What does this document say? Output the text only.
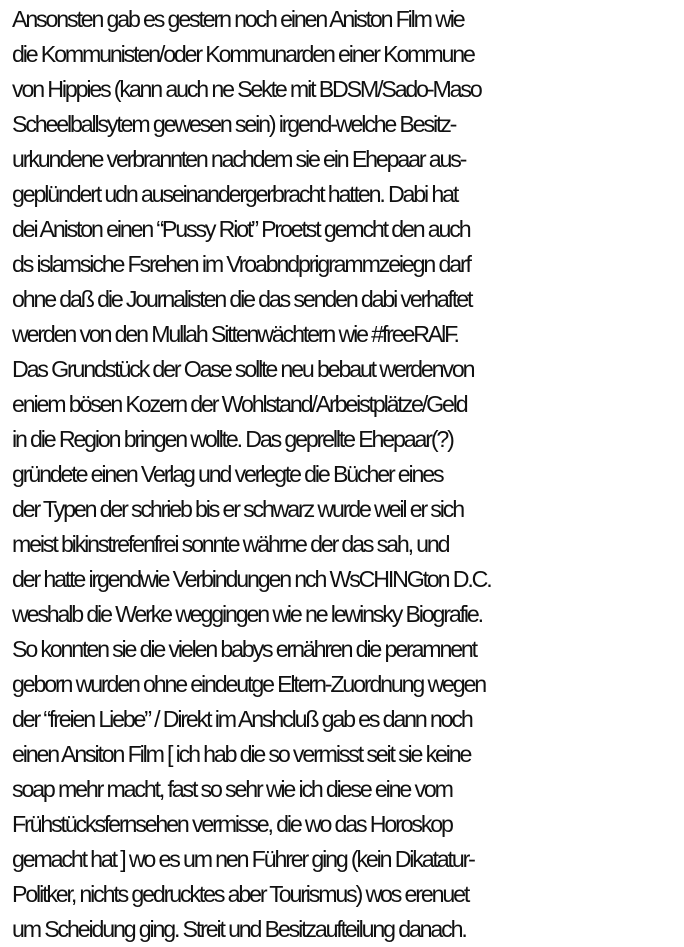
Ansonsten gab es gestern noch einen Aniston Film wie
die Kommunisten/oder Kommunarden einer Kommune
von Hippies (kann auch ne Sekte mit BDSM/Sado-Maso
Scheelballsytem gewesen sein) irgend-welche Besitz-
urkundene verbrannten nachdem sie ein Ehepaar aus-
geplündert udn auseinandergerbracht hatten. Dabi hat
dei Aniston einen “Pussy Riot” Proetst gemcht den auch
ds islamsiche Fsrehen im Vroabndprigrammzeiegn darf
ohne daß die Journalisten die das senden dabi verhaftet
werden von den Mullah Sittenwächtern wie #freeRAlF.
Das Grundstück der Oase sollte neu bebaut werdenvon
eniem bösen Kozern der Wohlstand/Arbeistplätze/Geld
in die Region bringen wollte. Das geprellte Ehepaar(?)
gründete einen Verlag und verlegte die Bücher eines
der Typen der schrieb bis er schwarz wurde weil er sich
meist bikinstrefenfrei sonnte währne der das sah, und
der hatte irgendwie Verbindungen nch WsCHINGton D.C.
weshalb die Werke weggingen wie ne lewinsky Biografie.
So konnten sie die vielen babys ernähren die peramnent
geborn wurden ohne eindeutge Eltern-Zuordnung wegen
der “freien Liebe” / Direkt im Anshcluß gab es dann noch
einen Ansiton Film [ ich hab die so vermisst seit sie keine
soap mehr macht, fast so sehr wie ich diese eine vom
Frühstücksfernsehen vermisse, die wo das Horoskop
gemacht hat ] wo es um nen Führer ging (kein Dikatatur-
Politker, nichts gedrucktes aber Tourismus) wos erenuet
um Scheidung ging. Streit und Besitzaufteilung danach.
